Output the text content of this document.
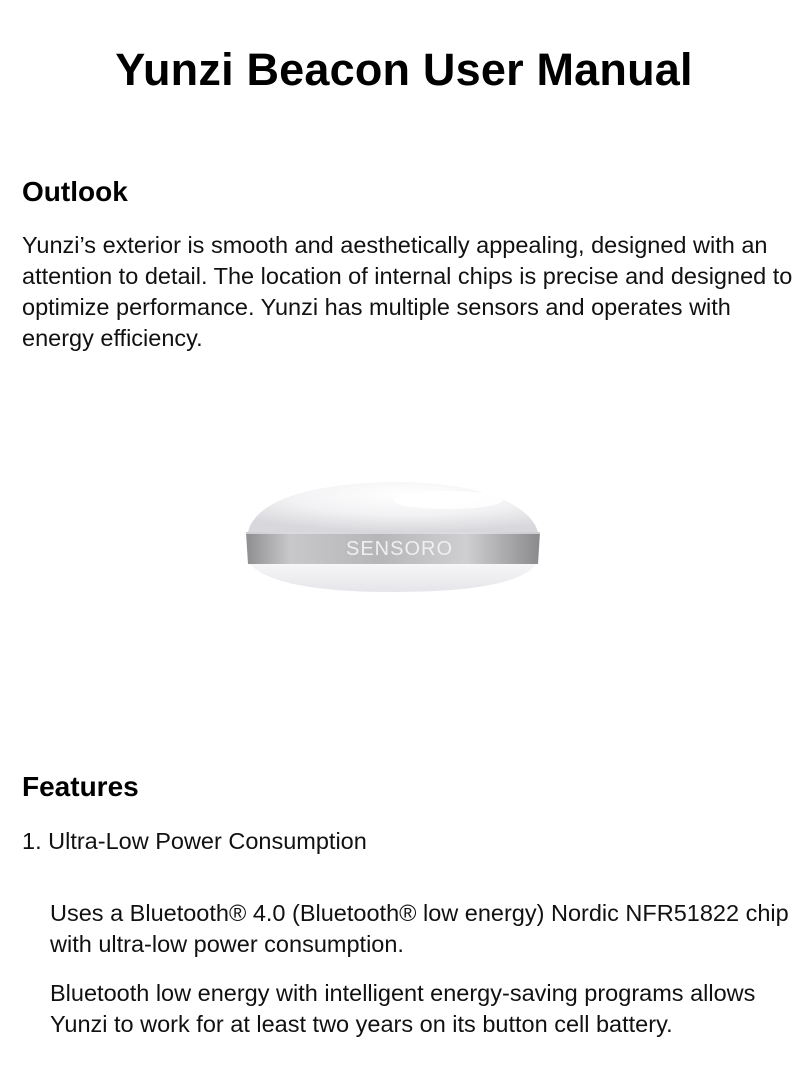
Yunzi Beacon User Manual
Outlook

Yunzi’s exterior is smooth and aesthetically appealing, designed with an attention to detail. The location of internal chips is precise and designed to optimize performance. Yunzi has multiple sensors and operates with energy efficiency.

SENSORO
Features

1. Ultra-Low Power Consumption

Uses a Bluetooth® 4.0 (Bluetooth® low energy) Nordic NFR51822 chip with ultra-low power consumption.

Bluetooth low energy with intelligent energy-saving programs allows Yunzi to work for at least two years on its button cell battery.
